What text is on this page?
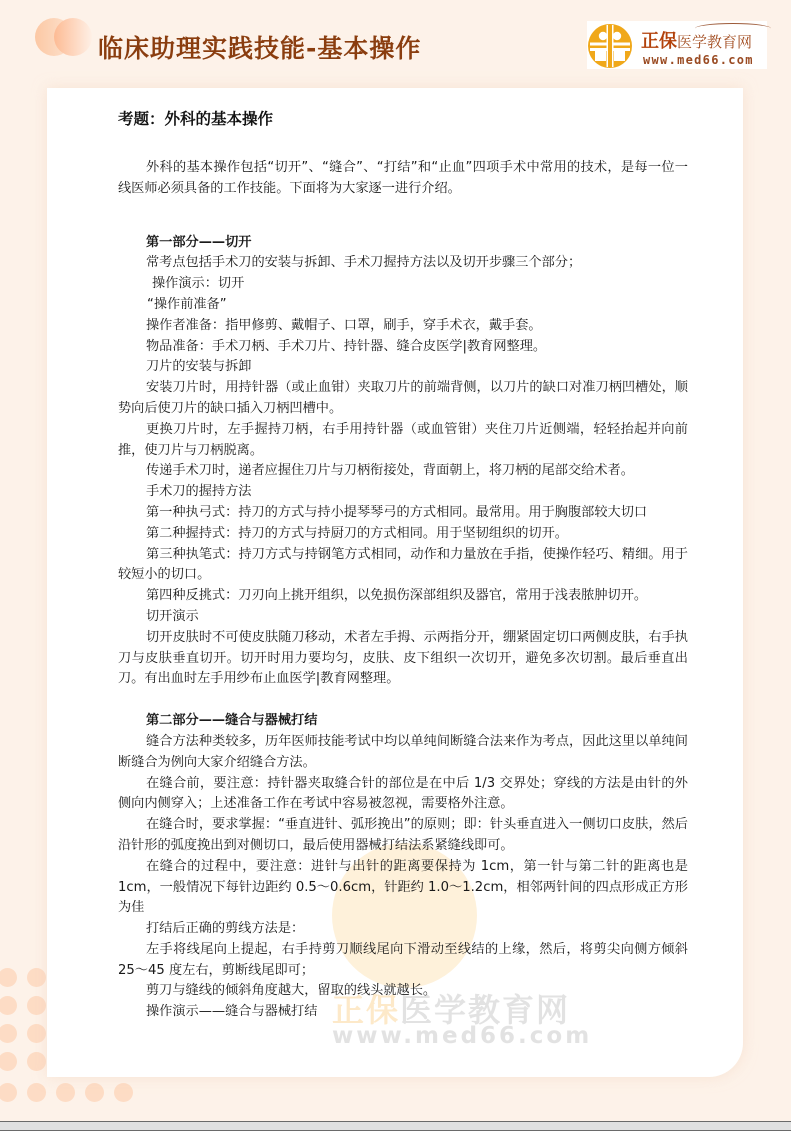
临床助理实践技能-基本操作	正保医学教育网
www.med66.com
正保医学教育网
www.med66.com
考题：外科的基本操作

外科的基本操作包括“切开”、“缝合”、“打结”和“止血”四项手术中常用的技术，是每一位一线医师必须具备的工作技能。下面将为大家逐一进行介绍。

第一部分——切开

常考点包括手术刀的安装与拆卸、手术刀握持方法以及切开步骤三个部分；

操作演示：切开

“操作前准备”

操作者准备：指甲修剪、戴帽子、口罩，刷手，穿手术衣，戴手套。

物品准备：手术刀柄、手术刀片、持针器、缝合皮医学|教育网整理。

刀片的安装与拆卸

安装刀片时，用持针器（或止血钳）夹取刀片的前端背侧，以刀片的缺口对准刀柄凹槽处，顺势向后使刀片的缺口插入刀柄凹槽中。

更换刀片时，左手握持刀柄，右手用持针器（或血管钳）夹住刀片近侧端，轻轻抬起并向前推，使刀片与刀柄脱离。

传递手术刀时，递者应握住刀片与刀柄衔接处，背面朝上，将刀柄的尾部交给术者。

手术刀的握持方法

第一种执弓式：持刀的方式与持小提琴琴弓的方式相同。最常用。用于胸腹部较大切口

第二种握持式：持刀的方式与持厨刀的方式相同。用于坚韧组织的切开。

第三种执笔式：持刀方式与持钢笔方式相同，动作和力量放在手指，使操作轻巧、精细。用于较短小的切口。

第四种反挑式：刀刃向上挑开组织，以免损伤深部组织及器官，常用于浅表脓肿切开。

切开演示

切开皮肤时不可使皮肤随刀移动，术者左手拇、示两指分开，绷紧固定切口两侧皮肤，右手执刀与皮肤垂直切开。切开时用力要均匀，皮肤、皮下组织一次切开，避免多次切割。最后垂直出刀。有出血时左手用纱布止血医学|教育网整理。

第二部分——缝合与器械打结

缝合方法种类较多，历年医师技能考试中均以单纯间断缝合法来作为考点，因此这里以单纯间断缝合为例向大家介绍缝合方法。

在缝合前，要注意：持针器夹取缝合针的部位是在中后 1/3 交界处；穿线的方法是由针的外侧向内侧穿入；上述准备工作在考试中容易被忽视，需要格外注意。

在缝合时，要求掌握：“垂直进针、弧形挽出”的原则；即：针头垂直进入一侧切口皮肤，然后沿针形的弧度挽出到对侧切口，最后使用器械打结法系紧缝线即可。

在缝合的过程中，要注意：进针与出针的距离要保持为 1cm，第一针与第二针的距离也是 1cm，一般情况下每针边距约 0.5～0.6cm，针距约 1.0～1.2cm，相邻两针间的四点形成正方形为佳

打结后正确的剪线方法是：

左手将线尾向上提起，右手持剪刀顺线尾向下滑动至线结的上缘，然后，将剪尖向侧方倾斜 25～45 度左右，剪断线尾即可；

剪刀与缝线的倾斜角度越大，留取的线头就越长。

操作演示——缝合与器械打结
